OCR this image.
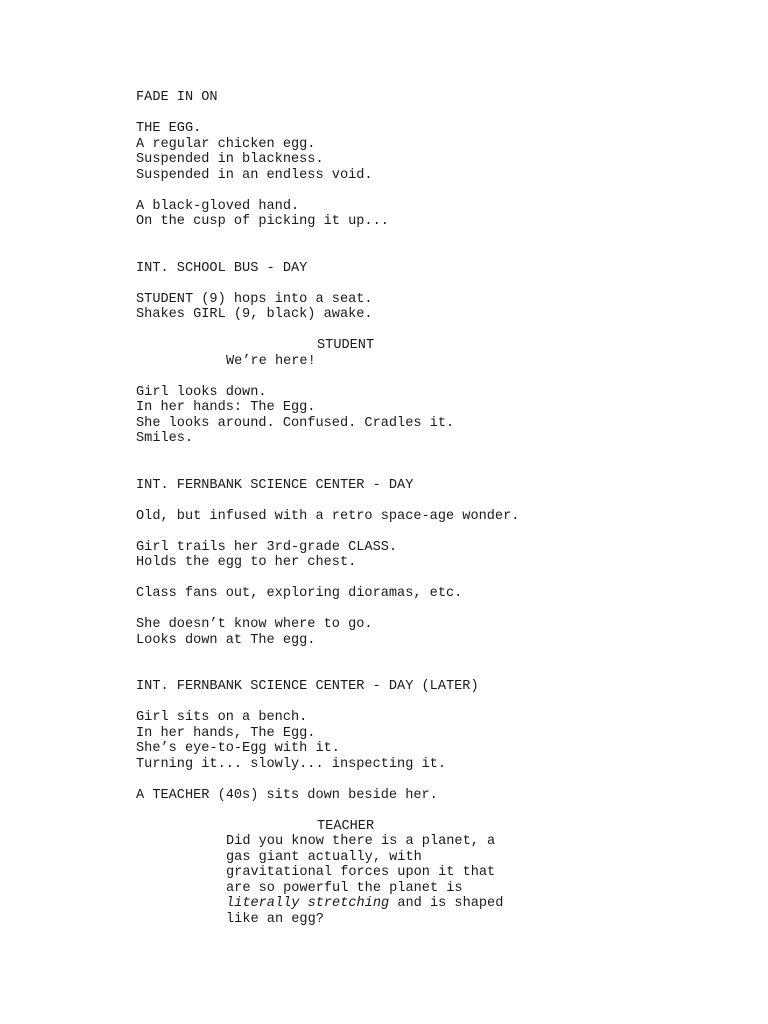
FADE IN ON
THE EGG.
A regular chicken egg.
Suspended in blackness.
Suspended in an endless void.
A black-gloved hand.
On the cusp of picking it up...
INT. SCHOOL BUS - DAY
STUDENT (9) hops into a seat.
Shakes GIRL (9, black) awake.
STUDENT
We’re here!
Girl looks down.
In her hands: The Egg.
She looks around. Confused. Cradles it.
Smiles.
INT. FERNBANK SCIENCE CENTER - DAY
Old, but infused with a retro space-age wonder.
Girl trails her 3rd-grade CLASS.
Holds the egg to her chest.
Class fans out, exploring dioramas, etc.
She doesn’t know where to go.
Looks down at The egg.
INT. FERNBANK SCIENCE CENTER - DAY (LATER)
Girl sits on a bench.
In her hands, The Egg.
She’s eye-to-Egg with it.
Turning it... slowly... inspecting it.
A TEACHER (40s) sits down beside her.
TEACHER
Did you know there is a planet, a
gas giant actually, with
gravitational forces upon it that
are so powerful the planet is
literally stretching and is shaped
like an egg?
